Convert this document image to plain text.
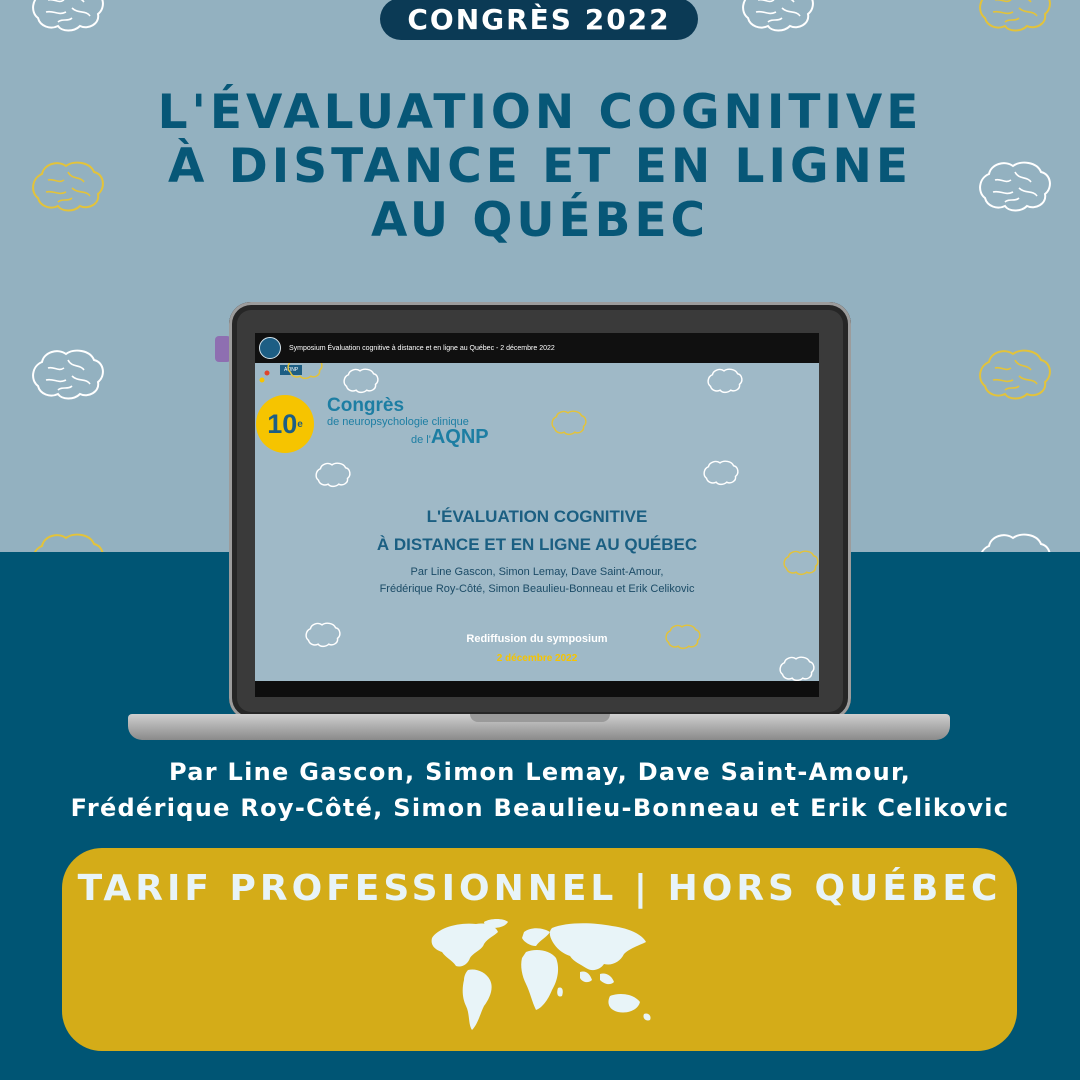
CONGRÈS 2022
L'ÉVALUATION COGNITIVE
À DISTANCE ET EN LIGNE
AU QUÉBEC
Symposium Évaluation cognitive à distance et en ligne au Québec - 2 décembre 2022
AQNP
10 e
Congrès
de neuropsychologie clinique
de l'AQNP
L'ÉVALUATION COGNITIVE
À DISTANCE ET EN LIGNE AU QUÉBEC
Par Line Gascon, Simon Lemay, Dave Saint-Amour,
Frédérique Roy-Côté, Simon Beaulieu-Bonneau et Erik Celikovic
Rediffusion du symposium
2 décembre 2022
Par Line Gascon, Simon Lemay, Dave Saint-Amour,
Frédérique Roy-Côté, Simon Beaulieu-Bonneau et Erik Celikovic
TARIF PROFESSIONNEL | HORS QUÉBEC
